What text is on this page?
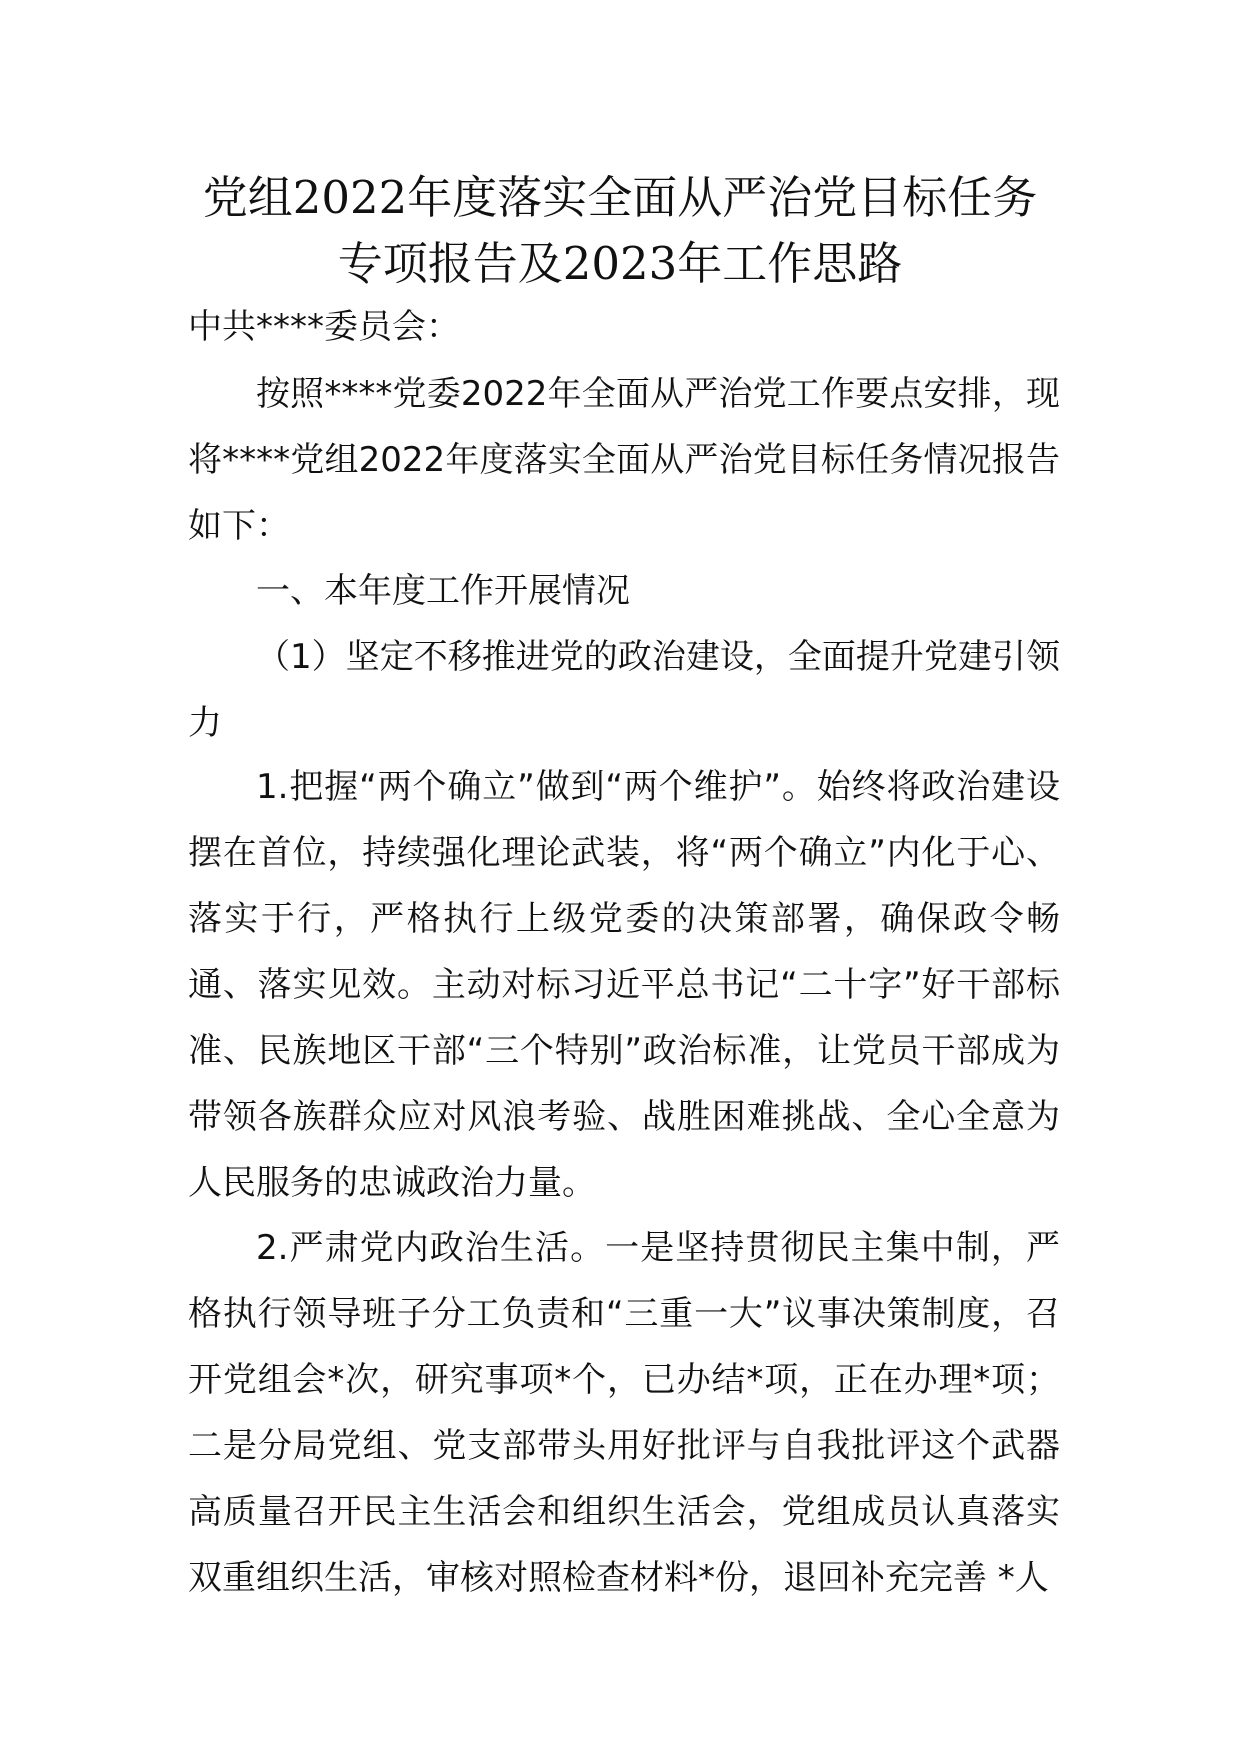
党组2022年度落实全面从严治党目标任务
专项报告及2023年工作思路

中共****委员会：

按照****党委2022年全面从严治党工作要点安排，现将****党组2022年度落实全面从严治党目标任务情况报告如下：

一、本年度工作开展情况

（1）坚定不移推进党的政治建设，全面提升党建引领力

1.把握“两个确立”做到“两个维护”。始终将政治建设摆在首位，持续强化理论武装，将“两个确立”内化于心、落实于行，严格执行上级党委的决策部署，确保政令畅通、落实见效。主动对标习近平总书记“二十字”好干部标准、民族地区干部“三个特别”政治标准，让党员干部成为带领各族群众应对风浪考验、战胜困难挑战、全心全意为人民服务的忠诚政治力量。

2.严肃党内政治生活。一是坚持贯彻民主集中制，严格执行领导班子分工负责和“三重一大”议事决策制度，召开党组会*次，研究事项*个，已办结*项，正在办理*项；二是分局党组、党支部带头用好批评与自我批评这个武器高质量召开民主生活会和组织生活会，党组成员认真落实双重组织生活，审核对照检查材料*份，退回补充完善 *人
